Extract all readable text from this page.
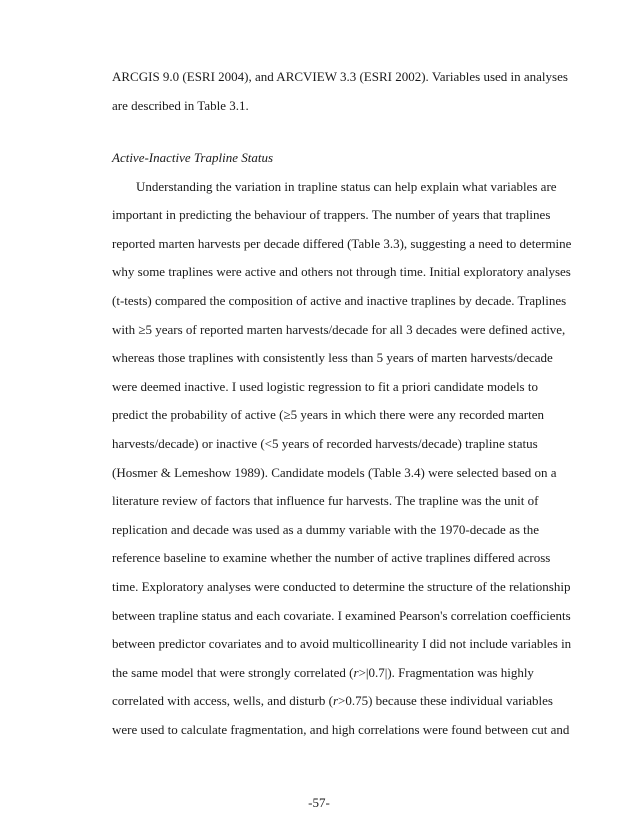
ARCGIS 9.0 (ESRI 2004), and ARCVIEW 3.3 (ESRI 2002). Variables used in analyses
are described in Table 3.1.
Active-Inactive Trapline Status
Understanding the variation in trapline status can help explain what variables are
important in predicting the behaviour of trappers. The number of years that traplines
reported marten harvests per decade differed (Table 3.3), suggesting a need to determine
why some traplines were active and others not through time. Initial exploratory analyses
(t-tests) compared the composition of active and inactive traplines by decade. Traplines
with ≥5 years of reported marten harvests/decade for all 3 decades were defined active,
whereas those traplines with consistently less than 5 years of marten harvests/decade
were deemed inactive. I used logistic regression to fit a priori candidate models to
predict the probability of active (≥5 years in which there were any recorded marten
harvests/decade) or inactive (<5 years of recorded harvests/decade) trapline status
(Hosmer & Lemeshow 1989). Candidate models (Table 3.4) were selected based on a
literature review of factors that influence fur harvests. The trapline was the unit of
replication and decade was used as a dummy variable with the 1970-decade as the
reference baseline to examine whether the number of active traplines differed across
time. Exploratory analyses were conducted to determine the structure of the relationship
between trapline status and each covariate. I examined Pearson's correlation coefficients
between predictor covariates and to avoid multicollinearity I did not include variables in
the same model that were strongly correlated (r>|0.7|). Fragmentation was highly
correlated with access, wells, and disturb (r>0.75) because these individual variables
were used to calculate fragmentation, and high correlations were found between cut and
-57-
